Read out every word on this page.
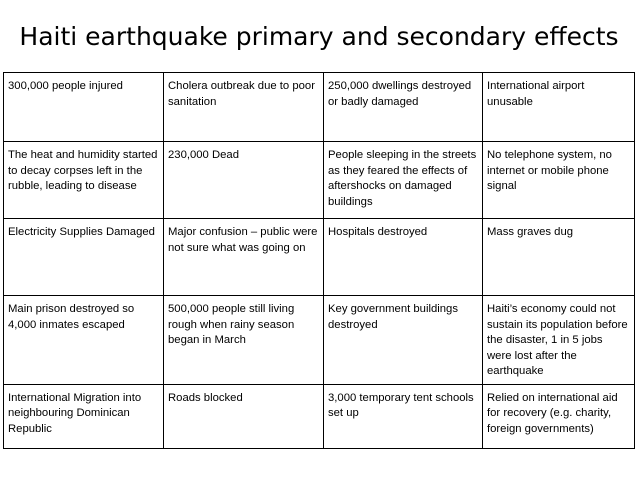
Haiti earthquake primary and secondary effects
300,000 people injured	Cholera outbreak due to poor sanitation	250,000 dwellings destroyed or badly damaged	International airport unusable
The heat and humidity started to decay corpses left in the rubble, leading to disease	230,000 Dead	People sleeping in the streets as they feared the effects of aftershocks on damaged buildings	No telephone system, no internet or mobile phone signal
Electricity Supplies Damaged	Major confusion – public were not sure what was going on	Hospitals destroyed	Mass graves dug
Main prison destroyed so 4,000 inmates escaped	500,000 people still living rough when rainy season began in March	Key government buildings destroyed	Haiti’s economy could not sustain its population before the disaster, 1 in 5 jobs were lost after the earthquake
International Migration into neighbouring Dominican Republic	Roads blocked	3,000 temporary tent schools set up	Relied on international aid for recovery (e.g. charity, foreign governments)
